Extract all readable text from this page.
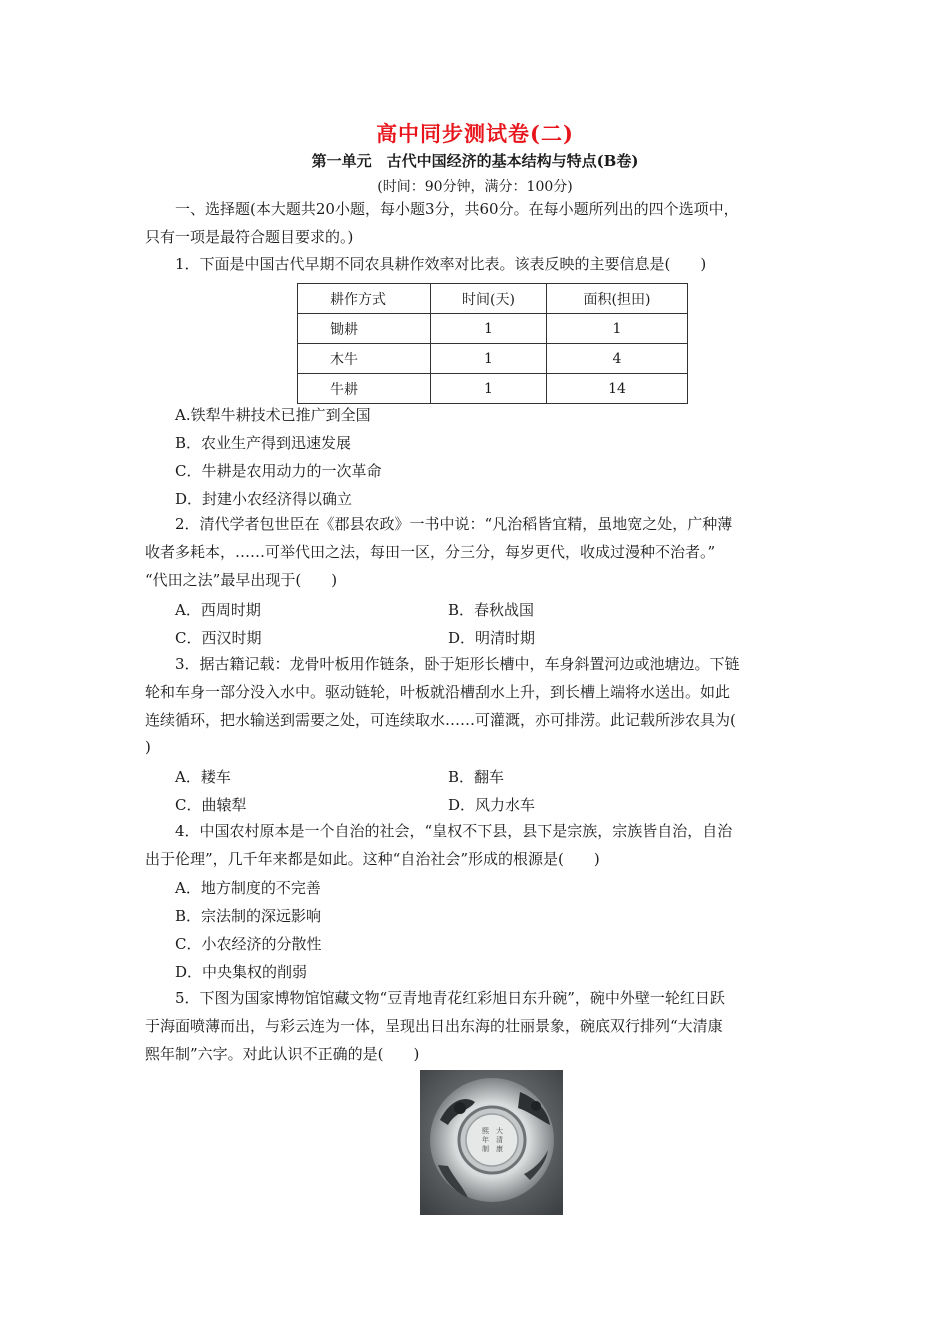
高中同步测试卷(二)
第一单元　古代中国经济的基本结构与特点(B卷)
(时间：90分钟，满分：100分)
一、选择题(本大题共20小题，每小题3分，共60分。在每小题所列出的四个选项中，
只有一项是最符合题目要求的。)
1．下面是中国古代早期不同农具耕作效率对比表。该表反映的主要信息是(　　)
耕作方式	时间(天)	面积(担田)
锄耕	1	1
木牛	1	4
牛耕	1	14
A.铁犁牛耕技术已推广到全国
B．农业生产得到迅速发展
C．牛耕是农用动力的一次革命
D．封建小农经济得以确立
2．清代学者包世臣在《郡县农政》一书中说：“凡治稻皆宜精，虽地宽之处，广种薄
收者多耗本，……可举代田之法，每田一区，分三分，每岁更代，收成过漫种不治者。”
“代田之法”最早出现于(　　)
A．西周时期	B．春秋战国
C．西汉时期	D．明清时期
3．据古籍记载：龙骨叶板用作链条，卧于矩形长槽中，车身斜置河边或池塘边。下链
轮和车身一部分没入水中。驱动链轮，叶板就沿槽刮水上升，到长槽上端将水送出。如此
连续循环，把水输送到需要之处，可连续取水……可灌溉，亦可排涝。此记载所涉农具为(
)
A．耧车	B．翻车
C．曲辕犁	D．风力水车
4．中国农村原本是一个自治的社会，“皇权不下县，县下是宗族，宗族皆自治，自治
出于伦理”，几千年来都是如此。这种“自治社会”形成的根源是(　　)
A．地方制度的不完善
B．宗法制的深远影响
C．小农经济的分散性
D．中央集权的削弱
5．下图为国家博物馆馆藏文物“豆青地青花红彩旭日东升碗”，碗中外壁一轮红日跃
于海面喷薄而出，与彩云连为一体，呈现出日出东海的壮丽景象，碗底双行排列“大清康
熙年制”六字。对此认识不正确的是(　　)
大
清
康
熙
年
制
